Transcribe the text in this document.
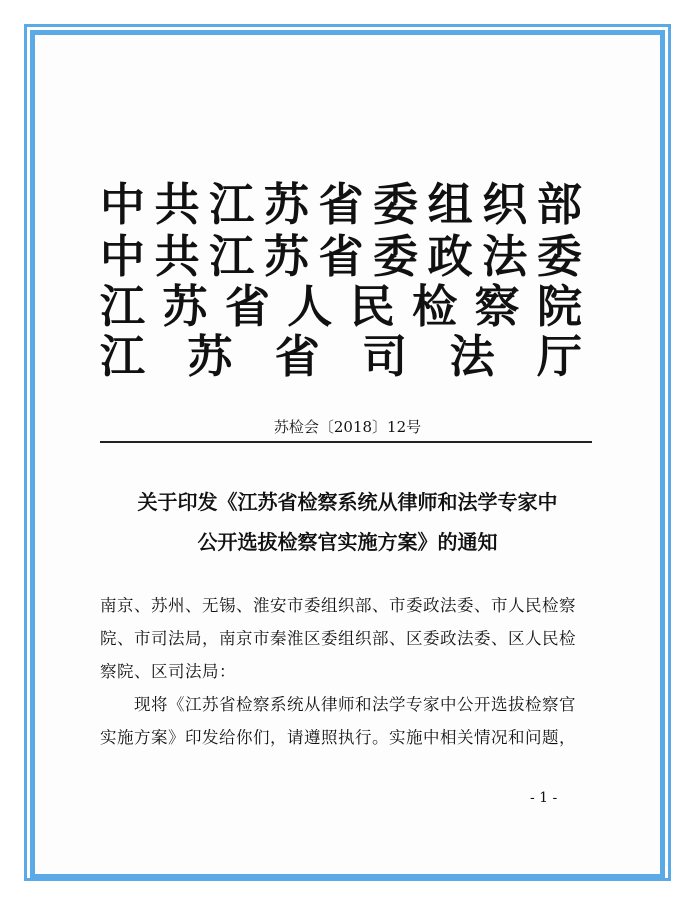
中 共 江 苏 省 委 组 织 部
中 共 江 苏 省 委 政 法 委
江 苏 省 人 民 检 察 院
江 苏 省 司 法 厅
苏检会〔2018〕12号
关于印发《江苏省检察系统从律师和法学专家中
公开选拔检察官实施方案》的通知

南京、苏州、无锡、淮安市委组织部、市委政法委、市人民检察院、市司法局，南京市秦淮区委组织部、区委政法委、区人民检察院、区司法局：

现将《江苏省检察系统从律师和法学专家中公开选拔检察官实施方案》印发给你们，请遵照执行。实施中相关情况和问题，

- 1 -
